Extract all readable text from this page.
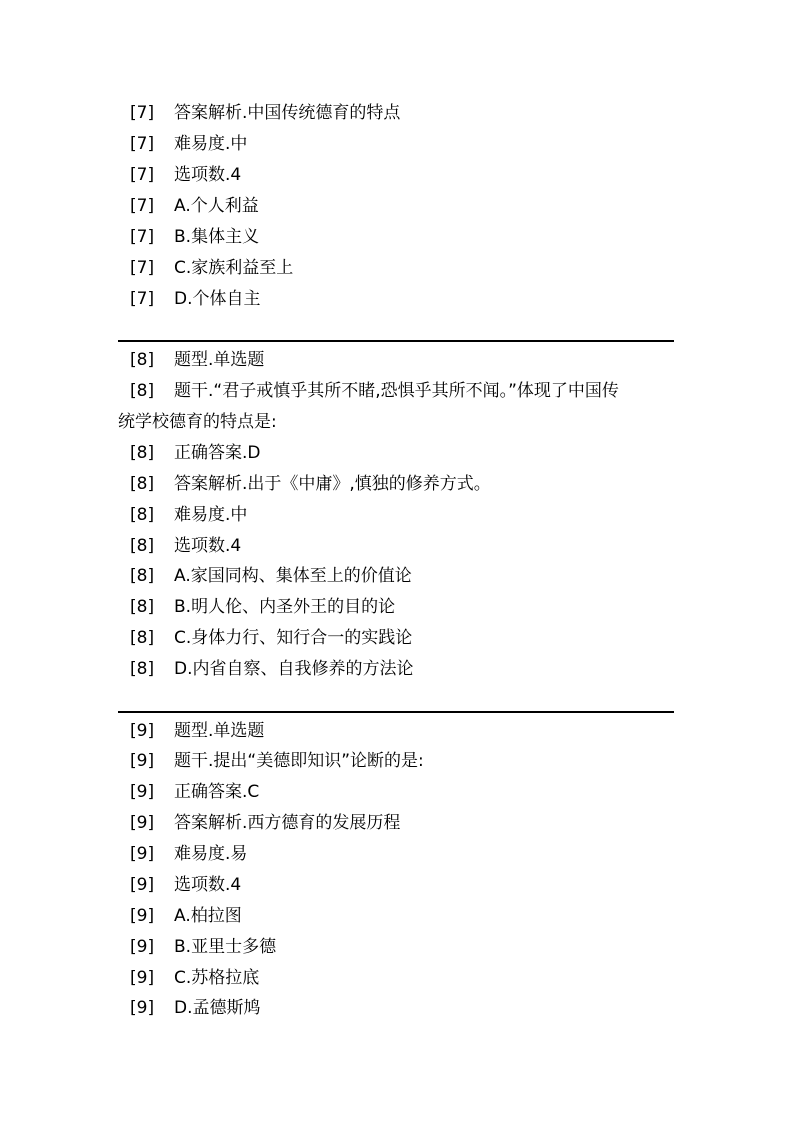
[7] 答案解析.中国传统德育的特点
[7] 难易度.中
[7] 选项数.4
[7] A.个人利益
[7] B.集体主义
[7] C.家族利益至上
[7] D.个体自主
[8] 题型.单选题
[8] 题干.“君子戒慎乎其所不睹,恐惧乎其所不闻。”体现了中国传
统学校德育的特点是:
[8] 正确答案.D
[8] 答案解析.出于《中庸》,慎独的修养方式。
[8] 难易度.中
[8] 选项数.4
[8] A.家国同构、集体至上的价值论
[8] B.明人伦、内圣外王的目的论
[8] C.身体力行、知行合一的实践论
[8] D.内省自察、自我修养的方法论
[9] 题型.单选题
[9] 题干.提出“美德即知识”论断的是:
[9] 正确答案.C
[9] 答案解析.西方德育的发展历程
[9] 难易度.易
[9] 选项数.4
[9] A.柏拉图
[9] B.亚里士多德
[9] C.苏格拉底
[9] D.孟德斯鸠
